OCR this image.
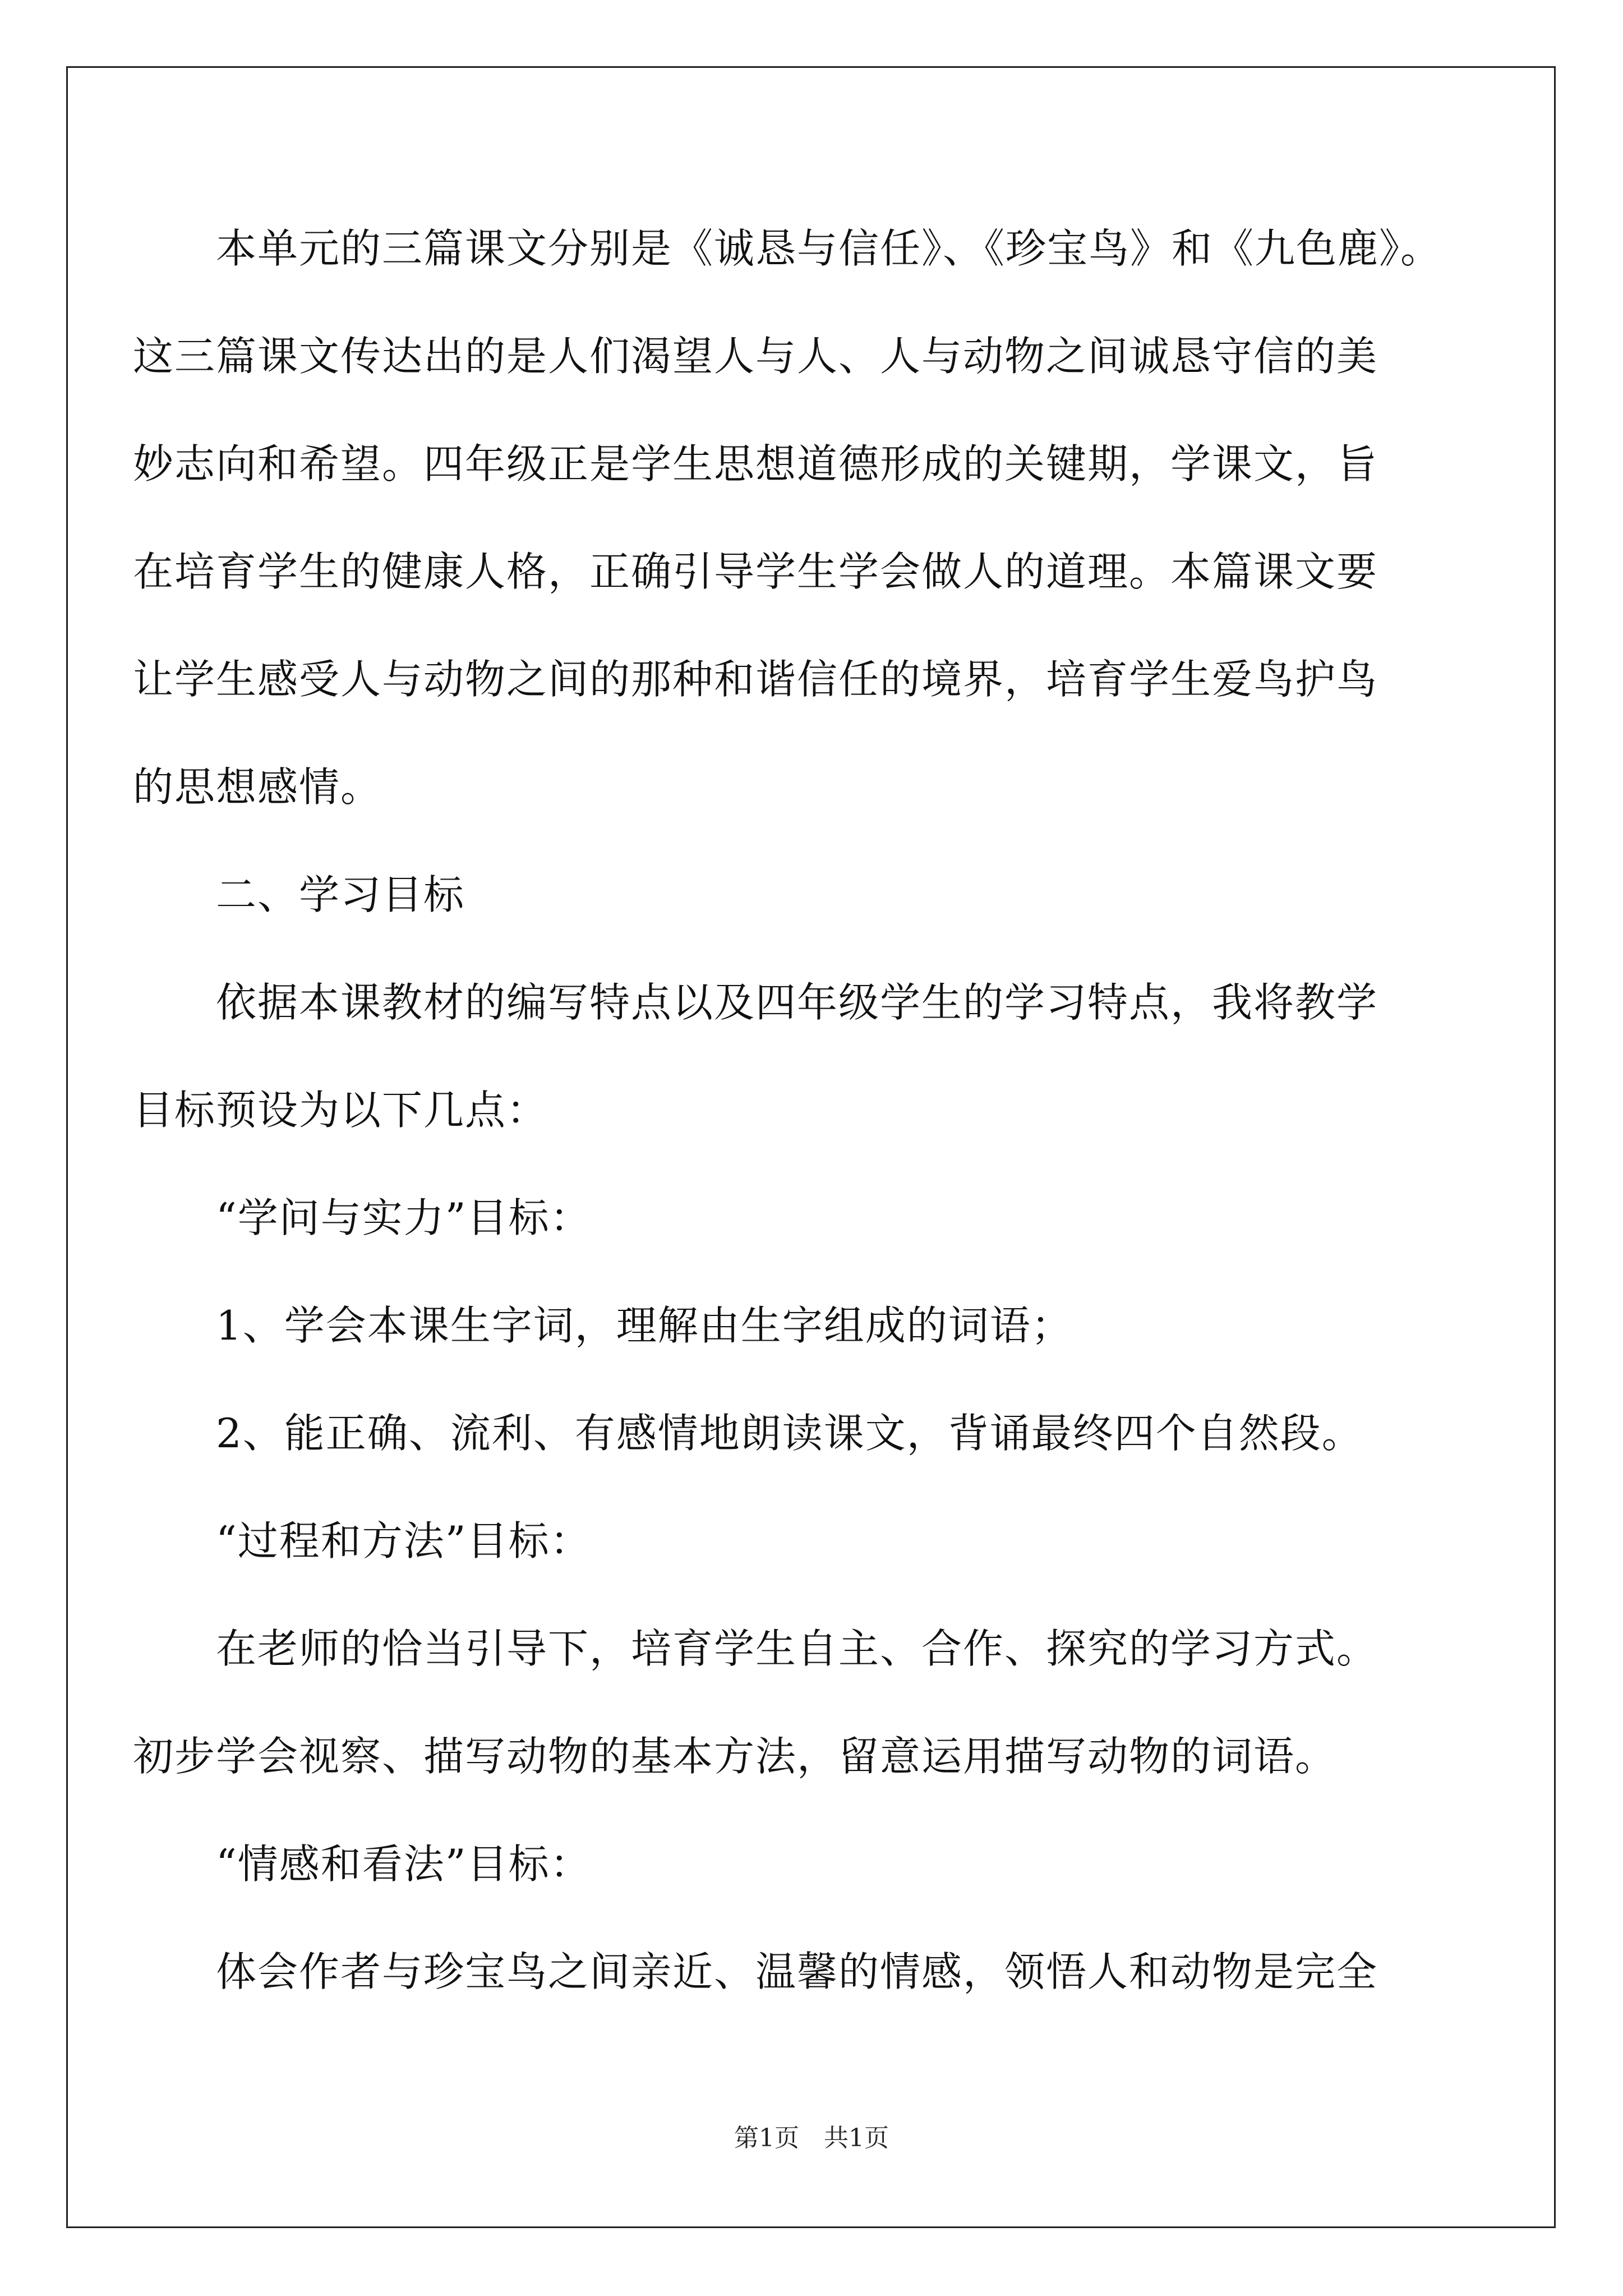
本单元的三篇课文分别是《诚恳与信任》、《珍宝鸟》和《九色鹿》。
这三篇课文传达出的是人们渴望人与人、人与动物之间诚恳守信的美
妙志向和希望。四年级正是学生思想道德形成的关键期，学课文，旨
在培育学生的健康人格，正确引导学生学会做人的道理。本篇课文要
让学生感受人与动物之间的那种和谐信任的境界，培育学生爱鸟护鸟
的思想感情。
二、学习目标
依据本课教材的编写特点以及四年级学生的学习特点，我将教学
目标预设为以下几点：
“学问与实力”目标：
1、学会本课生字词，理解由生字组成的词语；
2、能正确、流利、有感情地朗读课文，背诵最终四个自然段。
“过程和方法”目标：
在老师的恰当引导下，培育学生自主、合作、探究的学习方式。
初步学会视察、描写动物的基本方法，留意运用描写动物的词语。
“情感和看法”目标：
体会作者与珍宝鸟之间亲近、温馨的情感，领悟人和动物是完全
第1页　共1页
